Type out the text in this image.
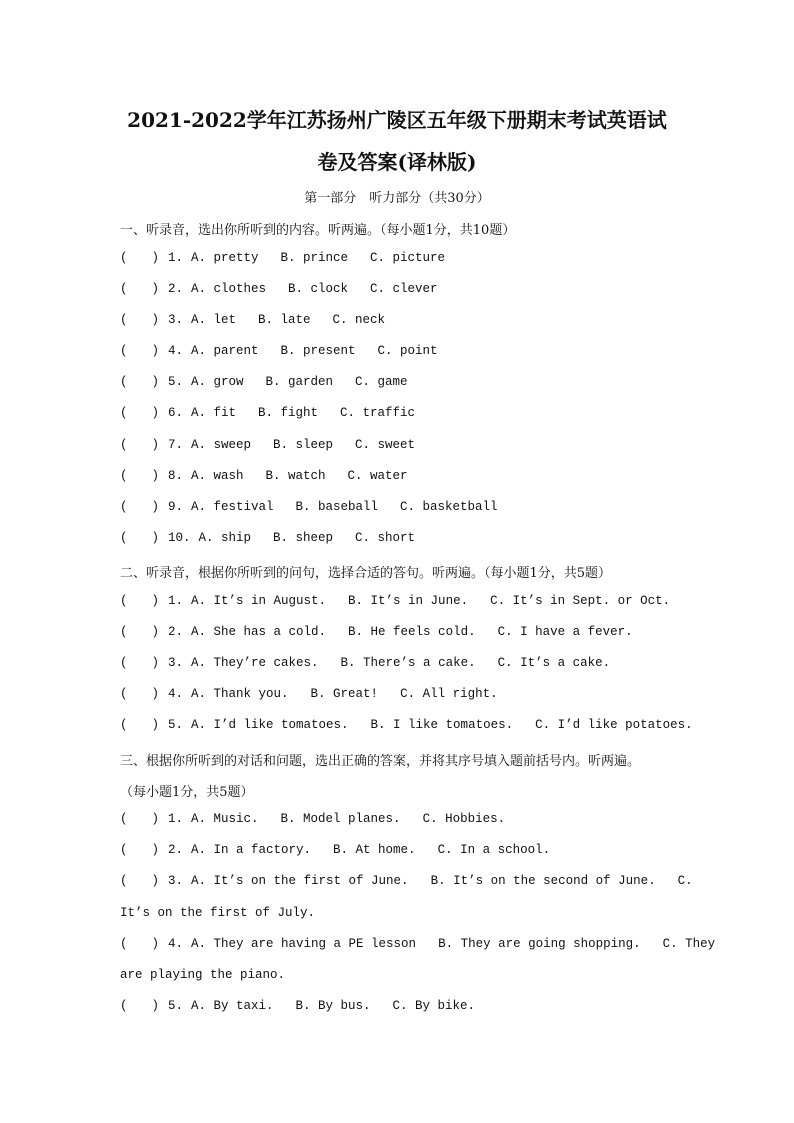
2021-2022学年江苏扬州广陵区五年级下册期末考试英语试
卷及答案(译林版)
第一部分　听力部分（共30分）
一、听录音，选出你所听到的内容。听两遍。（每小题1分，共10题）
( ) 1. A. pretty B. prince C. picture
( ) 2. A. clothes B. clock C. clever
( ) 3. A. let B. late C. neck
( ) 4. A. parent B. present C. point
( ) 5. A. grow B. garden C. game
( ) 6. A. fit B. fight C. traffic
( ) 7. A. sweep B. sleep C. sweet
( ) 8. A. wash B. watch C. water
( ) 9. A. festival B. baseball C. basketball
( ) 10. A. ship B. sheep C. short
二、听录音，根据你所听到的问句，选择合适的答句。听两遍。（每小题1分，共5题）
( ) 1. A. It’s in August. B. It’s in June. C. It’s in Sept. or Oct.
( ) 2. A. She has a cold. B. He feels cold. C. I have a fever.
( ) 3. A. They’re cakes. B. There’s a cake. C. It’s a cake.
( ) 4. A. Thank you. B. Great! C. All right.
( ) 5. A. I’d like tomatoes. B. I like tomatoes. C. I’d like potatoes.
三、根据你所听到的对话和问题，选出正确的答案，并将其序号填入题前括号内。听两遍。
（每小题1分，共5题）
( ) 1. A. Music. B. Model planes. C. Hobbies.
( ) 2. A. In a factory. B. At home. C. In a school.
( ) 3. A. It’s on the first of June. B. It’s on the second of June. C.
It’s on the first of July.
( ) 4. A. They are having a PE lesson B. They are going shopping. C. They
are playing the piano.
( ) 5. A. By taxi. B. By bus. C. By bike.
